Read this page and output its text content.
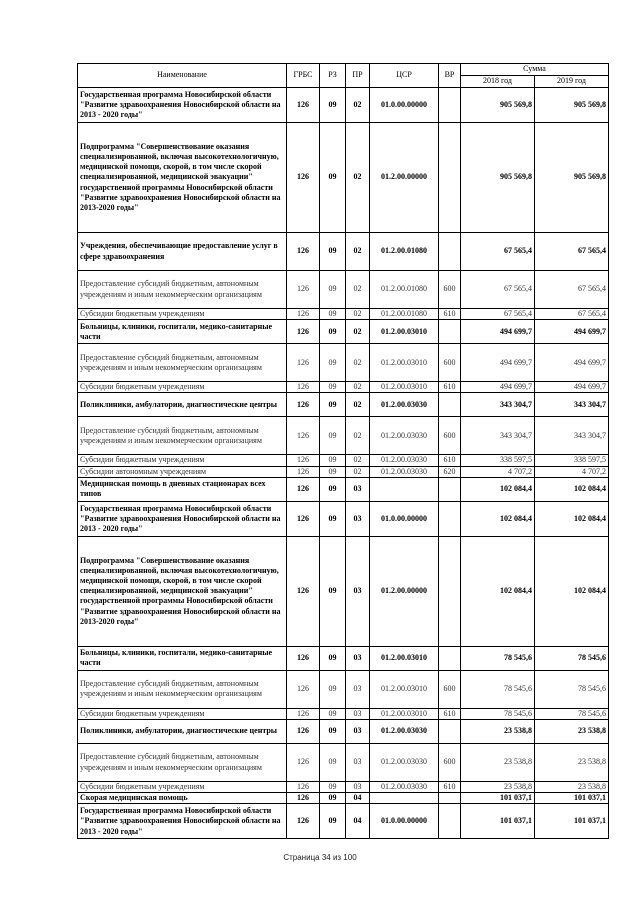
Наименование	ГРБС	РЗ	ПР	ЦСР	ВР	Сумма	
						2018 год	2019 год
Государственная программа Новосибирской области "Развитие здравоохранения Новосибирской области на 2013 - 2020 годы"	126	09	02	01.0.00.00000		905 569,8	905 569,8
Подпрограмма "Совершенствование оказания специализированной, включая высокотехнологичную, медицинской помощи, скорой, в том числе скорой специализированной, медицинской эвакуации" государственной программы Новосибирской области "Развитие здравоохранения Новосибирской области на 2013-2020 годы"	126	09	02	01.2.00.00000		905 569,8	905 569,8
Учреждения, обеспечивающие предоставление услуг в сфере здравоохранения	126	09	02	01.2.00.01080		67 565,4	67 565,4
Предоставление субсидий бюджетным, автономным учреждениям и иным некоммерческим организациям	126	09	02	01.2.00.01080	600	67 565,4	67 565,4
Субсидии бюджетным учреждениям	126	09	02	01.2.00.01080	610	67 565,4	67 565,4
Больницы, клиники, госпитали, медико-санитарные части	126	09	02	01.2.00.03010		494 699,7	494 699,7
Предоставление субсидий бюджетным, автономным учреждениям и иным некоммерческим организациям	126	09	02	01.2.00.03010	600	494 699,7	494 699,7
Субсидии бюджетным учреждениям	126	09	02	01.2.00.03010	610	494 699,7	494 699,7
Поликлиники, амбулатории, диагностические центры	126	09	02	01.2.00.03030		343 304,7	343 304,7
Предоставление субсидий бюджетным, автономным учреждениям и иным некоммерческим организациям	126	09	02	01.2.00.03030	600	343 304,7	343 304,7
Субсидии бюджетным учреждениям	126	09	02	01.2.00.03030	610	338 597,5	338 597,5
Субсидии автономным учреждениям	126	09	02	01.2.00.03030	620	4 707,2	4 707,2
Медицинская помощь в дневных стационарах всех типов	126	09	03			102 084,4	102 084,4
Государственная программа Новосибирской области "Развитие здравоохранения Новосибирской области на 2013 - 2020 годы"	126	09	03	01.0.00.00000		102 084,4	102 084,4
Подпрограмма "Совершенствование оказания специализированной, включая высокотехнологичную, медицинской помощи, скорой, в том числе скорой специализированной, медицинской эвакуации" государственной программы Новосибирской области "Развитие здравоохранения Новосибирской области на 2013-2020 годы"	126	09	03	01.2.00.00000		102 084,4	102 084,4
Больницы, клиники, госпитали, медико-санитарные части	126	09	03	01.2.00.03010		78 545,6	78 545,6
Предоставление субсидий бюджетным, автономным учреждениям и иным некоммерческим организациям	126	09	03	01.2.00.03010	600	78 545,6	78 545,6
Субсидии бюджетным учреждениям	126	09	03	01.2.00.03010	610	78 545,6	78 545,6
Поликлиники, амбулатории, диагностические центры	126	09	03	01.2.00.03030		23 538,8	23 538,8
Предоставление субсидий бюджетным, автономным учреждениям и иным некоммерческим организациям	126	09	03	01.2.00.03030	600	23 538,8	23 538,8
Субсидии бюджетным учреждениям	126	09	03	01.2.00.03030	610	23 538,8	23 538,8
Скорая медицинская помощь	126	09	04			101 037,1	101 037,1
Государственная программа Новосибирской области "Развитие здравоохранения Новосибирской области на 2013 - 2020 годы"	126	09	04	01.0.00.00000		101 037,1	101 037,1
Страница 34 из 100
